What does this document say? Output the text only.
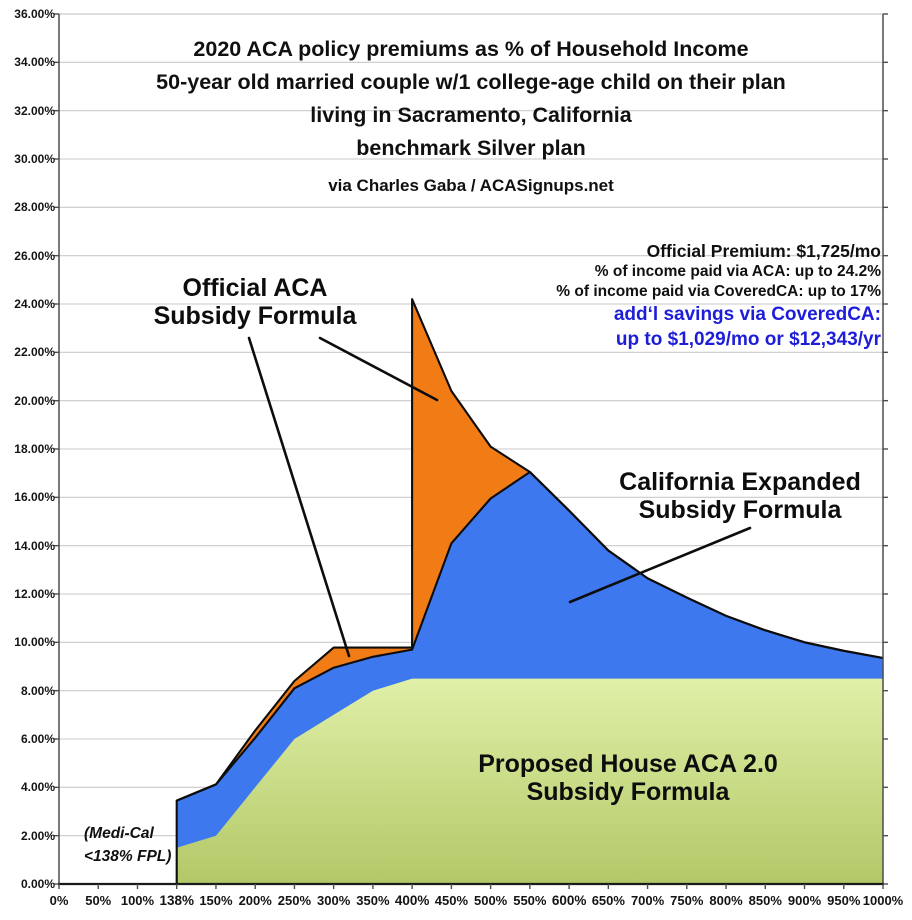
2020 ACA policy premiums as % of Household Income
50-year old married couple w/1 college-age child on their plan
living in Sacramento, California
benchmark Silver plan
via Charles Gaba / ACASignups.net
Official Premium: $1,725/mo
% of income paid via ACA: up to 24.2%
% of income paid via CoveredCA: up to 17%
add‘l savings via CoveredCA:
up to $1,029/mo or $12,343/yr
Official ACA
Subsidy Formula
California Expanded
Subsidy Formula
Proposed House ACA 2.0
Subsidy Formula
(Medi-Cal
<138% FPL)
0.00%
2.00%
4.00%
6.00%
8.00%
10.00%
12.00%
14.00%
16.00%
18.00%
20.00%
22.00%
24.00%
26.00%
28.00%
30.00%
32.00%
34.00%
36.00%
0% 50% 100% 138% 150% 200% 250% 300% 350% 400% 450% 500% 550% 600% 650% 700% 750% 800% 850% 900% 950% 1000%
